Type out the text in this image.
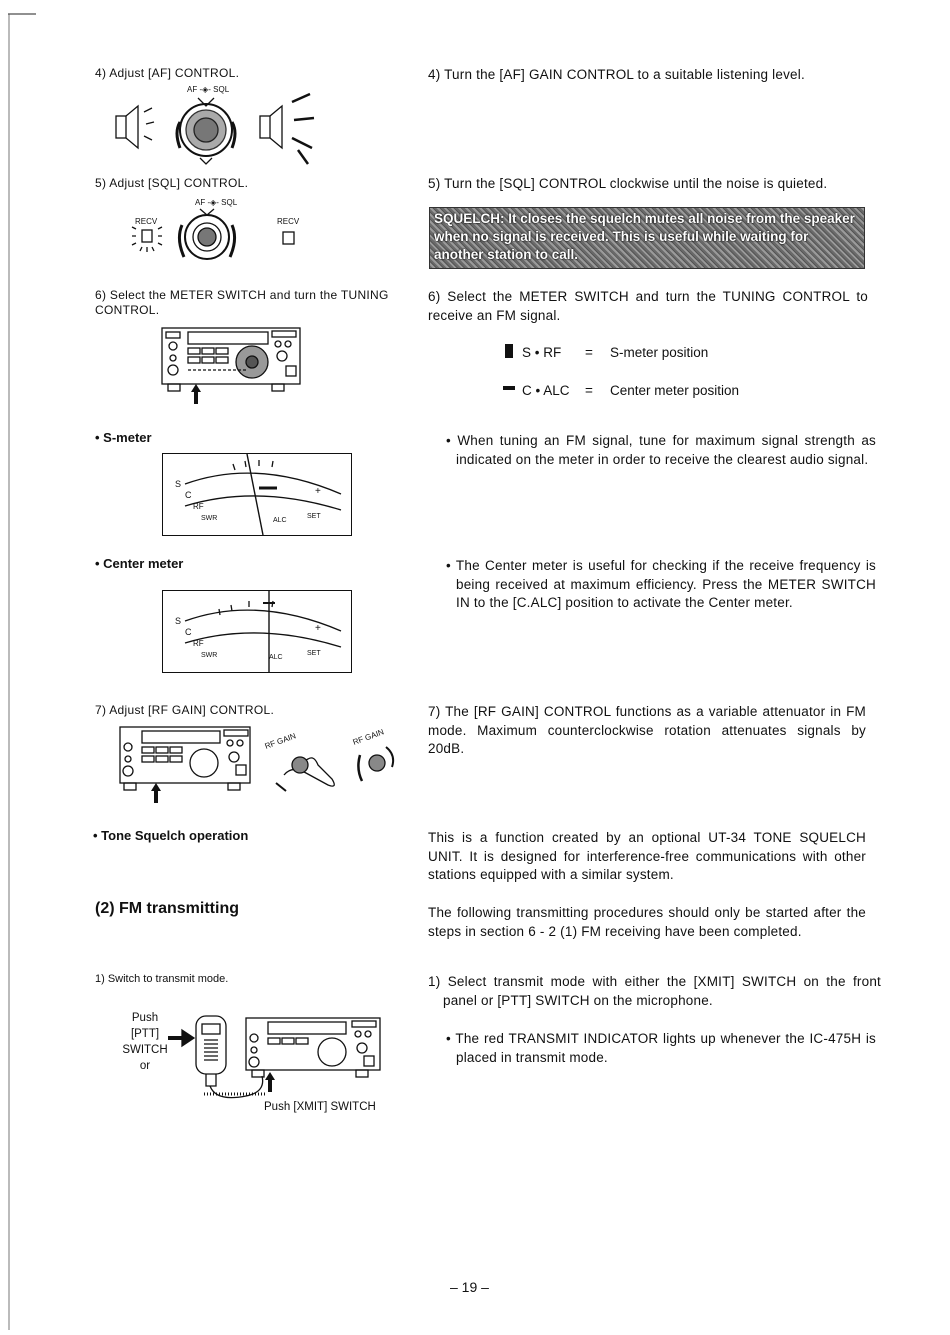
4) Adjust [AF] CONTROL.
AF -◈- SQL
4) Turn the [AF] GAIN CONTROL to a suitable listening level.
5) Adjust [SQL] CONTROL.
AF -◈- SQL
RECV	RECV
5) Turn the [SQL] CONTROL clockwise until the noise is quieted.
SQUELCH: It closes the squelch mutes all noise from the speaker when no signal is received. This is useful while waiting for another station to call.
6) Select the METER SWITCH and turn the TUNING CONTROL.
6) Select the METER SWITCH and turn the TUNING CONTROL to receive an FM signal.
S • RF = S-meter position
C • ALC = Center meter position
• S-meter
S
C
RF
SWR	ALC
SET
+
• When tuning an FM signal, tune for maximum signal strength as indicated on the meter in order to receive the clearest audio signal.
• Center meter
S
C
RF
SWR	ALC
SET
+
• The Center meter is useful for checking if the receive frequency is being received at maximum efficiency. Press the METER SWITCH IN to the [C.ALC] position to activate the Center meter.
7) Adjust [RF GAIN] CONTROL.
RF GAIN	RF GAIN
7) The [RF GAIN] CONTROL functions as a variable attenuator in FM mode. Maximum counterclockwise rotation attenuates signals by 20dB.
• Tone Squelch operation	This is a function created by an optional UT-34 TONE SQUELCH UNIT. It is designed for interference-free communications with other stations equipped with a similar system.
(2) FM transmitting	The following transmitting procedures should only be started after the steps in section 6 - 2 (1) FM receiving have been completed.
1) Switch to transmit mode.
Push
[PTT]
SWITCH
or
Push [XMIT] SWITCH
1) Select transmit mode with either the [XMIT] SWITCH on the front panel or [PTT] SWITCH on the microphone.
• The red TRANSMIT INDICATOR lights up whenever the IC-475H is placed in transmit mode.
– 19 –
